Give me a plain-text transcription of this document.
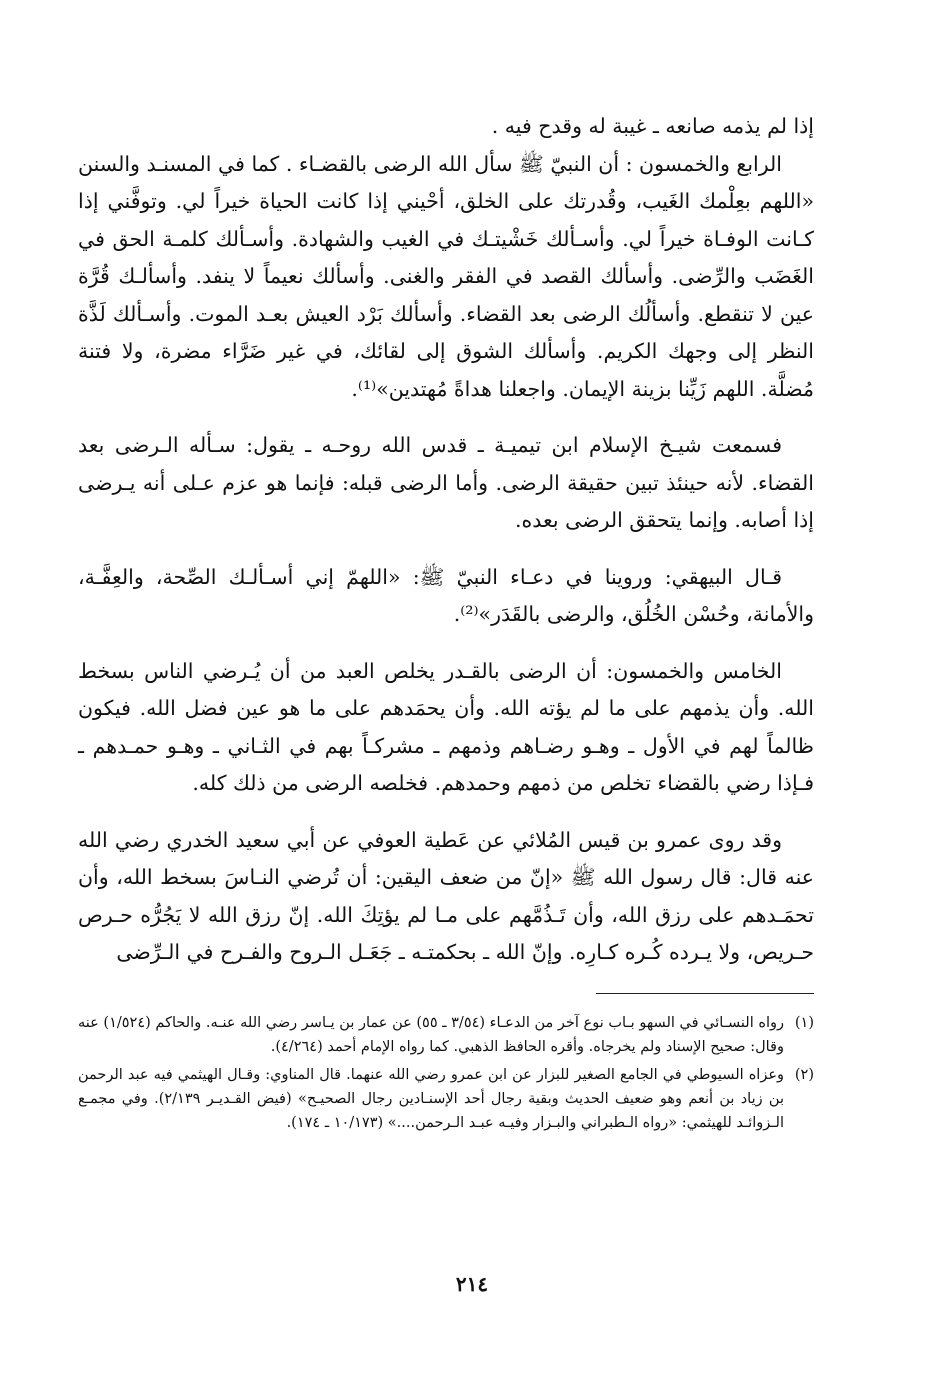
إذا لم يذمه صانعه ـ غيبة له وقدح فيه .

الرابع والخمسون : أن النبيّ ﷺ سأل الله الرضى بالقضـاء . كما في المسنـد والسنن «اللهم بعِلْمك الغَيب، وقُدرتك على الخلق، أحْيني إذا كانت الحياة خيراً لي. وتوفَّني إذا كـانت الوفـاة خيراً لي. وأسـألك خَشْيتـك في الغيب والشهادة. وأسـألك كلمـة الحق في الغَضَب والرِّضى. وأسألك القصد في الفقر والغنى. وأسألك نعيماً لا ينفد. وأسألـك قُرَّة عين لا تنقطع. وأسألُك الرضى بعد القضاء. وأسألك بَرْد العيش بعـد الموت. وأسـألك لَذَّة النظر إلى وجهك الكريم. وأسألك الشوق إلى لقائك، في غير ضَرَّاء مضرة، ولا فتنة مُضلَّة. اللهم زَيِّنا بزينة الإيمان. واجعلنا هداةً مُهتدين»⁽¹⁾.

فسمعت شيـخ الإسلام ابن تيميـة ـ قدس الله روحـه ـ يقول: سـأله الـرضى بعد القضاء. لأنه حينئذ تبين حقيقة الرضى. وأما الرضى قبله: فإنما هو عزم عـلى أنه يـرضى إذا أصابه. وإنما يتحقق الرضى بعده.

قـال البيهقي: وروينا في دعـاء النبيّ ﷺ: «اللهمّ إني أسـألـك الصِّحة، والعِفَّـة، والأمانة، وحُسْن الخُلُق، والرضى بالقَدَر»⁽²⁾.

الخامس والخمسون: أن الرضى بالقـدر يخلص العبد من أن يُـرضي الناس بسخط الله. وأن يذمهم على ما لم يؤته الله. وأن يحمَدهم على ما هو عين فضل الله. فيكون ظالماً لهم في الأول ـ وهـو رضـاهم وذمهم ـ مشركـاً بهم في الثـاني ـ وهـو حمـدهم ـ فـإذا رضي بالقضاء تخلص من ذمهم وحمدهم. فخلصه الرضى من ذلك كله.

وقد روى عمرو بن قيس المُلائي عن عَطية العوفي عن أبي سعيد الخدري رضي الله عنه قال: قال رسول الله ﷺ «إنّ من ضعف اليقين: أن تُرضي النـاسَ بسخط الله، وأن تحمَـدهم على رزق الله، وأن تَـذُمَّهم على مـا لم يؤتِكَ الله. إنّ رزق الله لا يَجُرُّه حـرص حـريص، ولا يـرده كُـره كـارِه. وإنّ الله ـ بحكمتـه ـ جَعَـل الـروح والفـرح في الـرِّضى

(١)
رواه النسـائي في السهو بـاب نوع آخر من الدعـاء (٣/٥٤ ـ ٥٥) عن عمار بن يـاسر رضي الله عنـه. والحاكم (١/٥٢٤) عنه وقال: صحيح الإسناد ولم يخرجاه. وأقره الحافظ الذهبي. كما رواه الإمام أحمد (٤/٢٦٤).

(٢)
وعزاه السيوطي في الجامع الصغير للبزار عن ابن عمرو رضي الله عنهما. قال المناوي: وقـال الهيثمي فيه عبد الرحمن بن زياد بن أنعم وهو ضعيف الحديث وبقية رجال أحد الإسنـادين رجال الصحيـح» (فيض القـديـر ٢/١٣٩). وفي مجمـع الـزوائـد للهيثمي: «رواه الـطبراني والبـزار وفيـه عبـد الـرحمن....» (١٠/١٧٣ ـ ١٧٤).

٢١٤
